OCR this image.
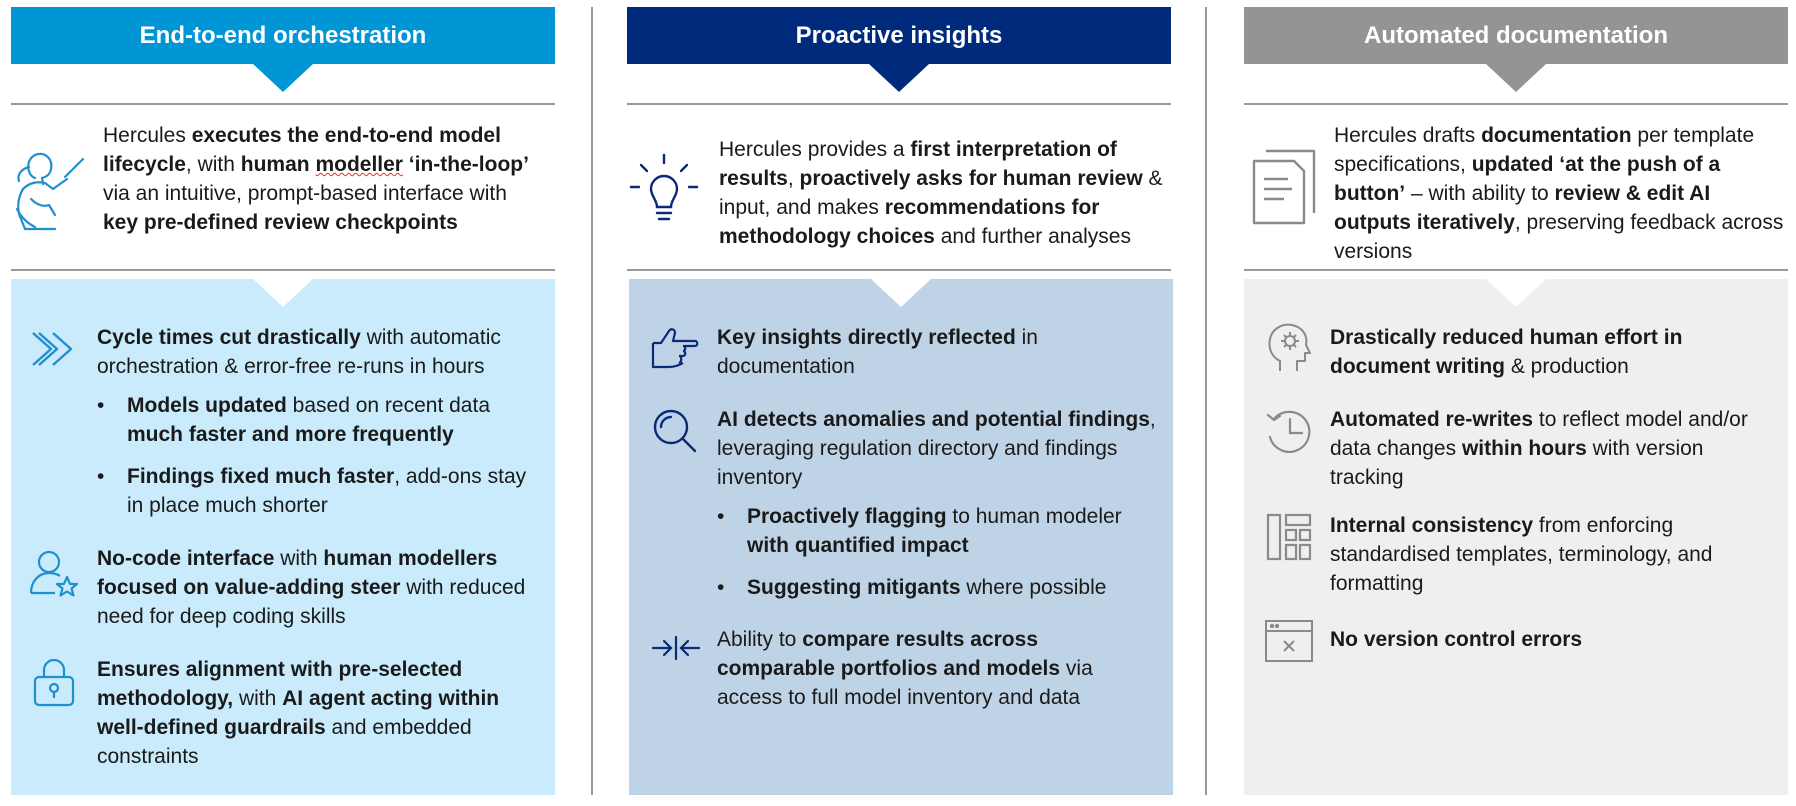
End-to-end orchestration
Hercules executes the end-to-end model lifecycle, with human modeller ‘in-the-loop’ via an intuitive, prompt-based interface with key pre-defined review checkpoints
Cycle times cut drastically with automatic orchestration & error-free re-runs in hours
• Models updated based on recent data much faster and more frequently
• Findings fixed much faster, add-ons stay in place much shorter
No-code interface with human modellers focused on value-adding steer with reduced need for deep coding skills
Ensures alignment with pre-selected methodology, with AI agent acting within well-defined guardrails and embedded constraints
Proactive insights
Hercules provides a first interpretation of results, proactively asks for human review & input, and makes recommendations for methodology choices and further analyses
Key insights directly reflected in documentation
AI detects anomalies and potential findings, leveraging regulation directory and findings inventory
• Proactively flagging to human modeler with quantified impact
• Suggesting mitigants where possible
Ability to compare results across comparable portfolios and models via access to full model inventory and data
Automated documentation
Hercules drafts documentation per template specifications, updated ‘at the push of a button’ – with ability to review & edit AI outputs iteratively, preserving feedback across versions
Drastically reduced human effort in document writing & production
Automated re-writes to reflect model and/or data changes within hours with version tracking
Internal consistency from enforcing standardised templates, terminology, and formatting
No version control errors
